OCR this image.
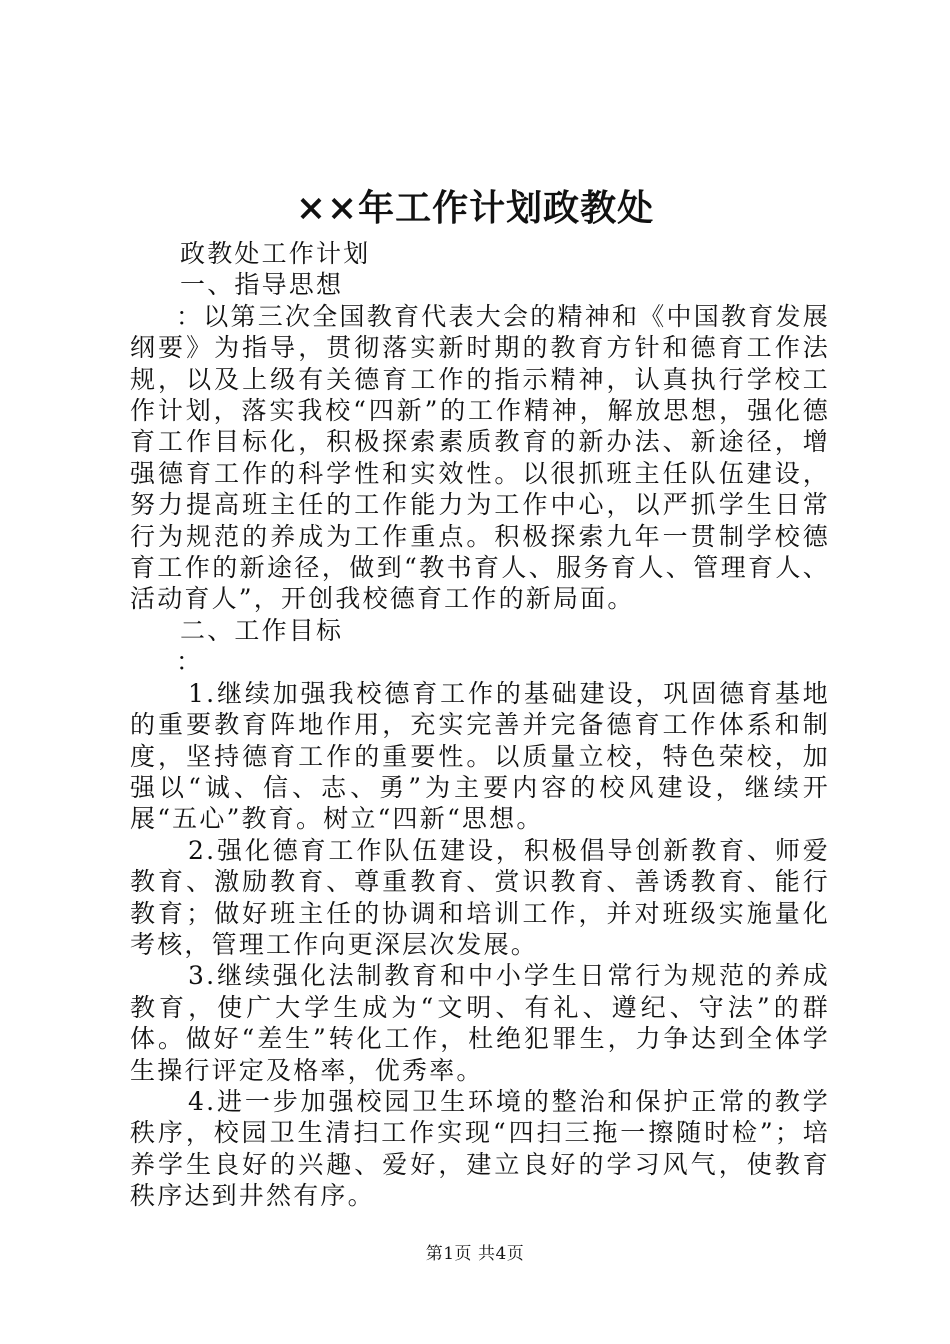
××年工作计划政教处

政教处工作计划

一、指导思想

：以第三次全国教育代表大会的精神和《中国教育发展纲要》为指导，贯彻落实新时期的教育方针和德育工作法规，以及上级有关德育工作的指示精神，认真执行学校工作计划，落实我校“四新”的工作精神，解放思想，强化德育工作目标化，积极探索素质教育的新办法、新途径，增强德育工作的科学性和实效性。以很抓班主任队伍建设，努力提高班主任的工作能力为工作中心，以严抓学生日常行为规范的养成为工作重点。积极探索九年一贯制学校德育工作的新途径，做到“教书育人、服务育人、管理育人、活动育人”，开创我校德育工作的新局面。

二、工作目标

：

1.继续加强我校德育工作的基础建设，巩固德育基地的重要教育阵地作用，充实完善并完备德育工作体系和制度，坚持德育工作的重要性。以质量立校，特色荣校，加强以“诚、信、志、勇”为主要内容的校风建设，继续开展“五心”教育。树立“四新“思想。

2.强化德育工作队伍建设，积极倡导创新教育、师爱教育、激励教育、尊重教育、赏识教育、善诱教育、能行教育；做好班主任的协调和培训工作，并对班级实施量化考核，管理工作向更深层次发展。

3.继续强化法制教育和中小学生日常行为规范的养成教育，使广大学生成为“文明、有礼、遵纪、守法”的群体。做好“差生”转化工作，杜绝犯罪生，力争达到全体学生操行评定及格率，优秀率。

4.进一步加强校园卫生环境的整治和保护正常的教学秩序，校园卫生清扫工作实现“四扫三拖一擦随时检”；培养学生良好的兴趣、爱好，建立良好的学习风气，使教育秩序达到井然有序。

第1页 共4页
